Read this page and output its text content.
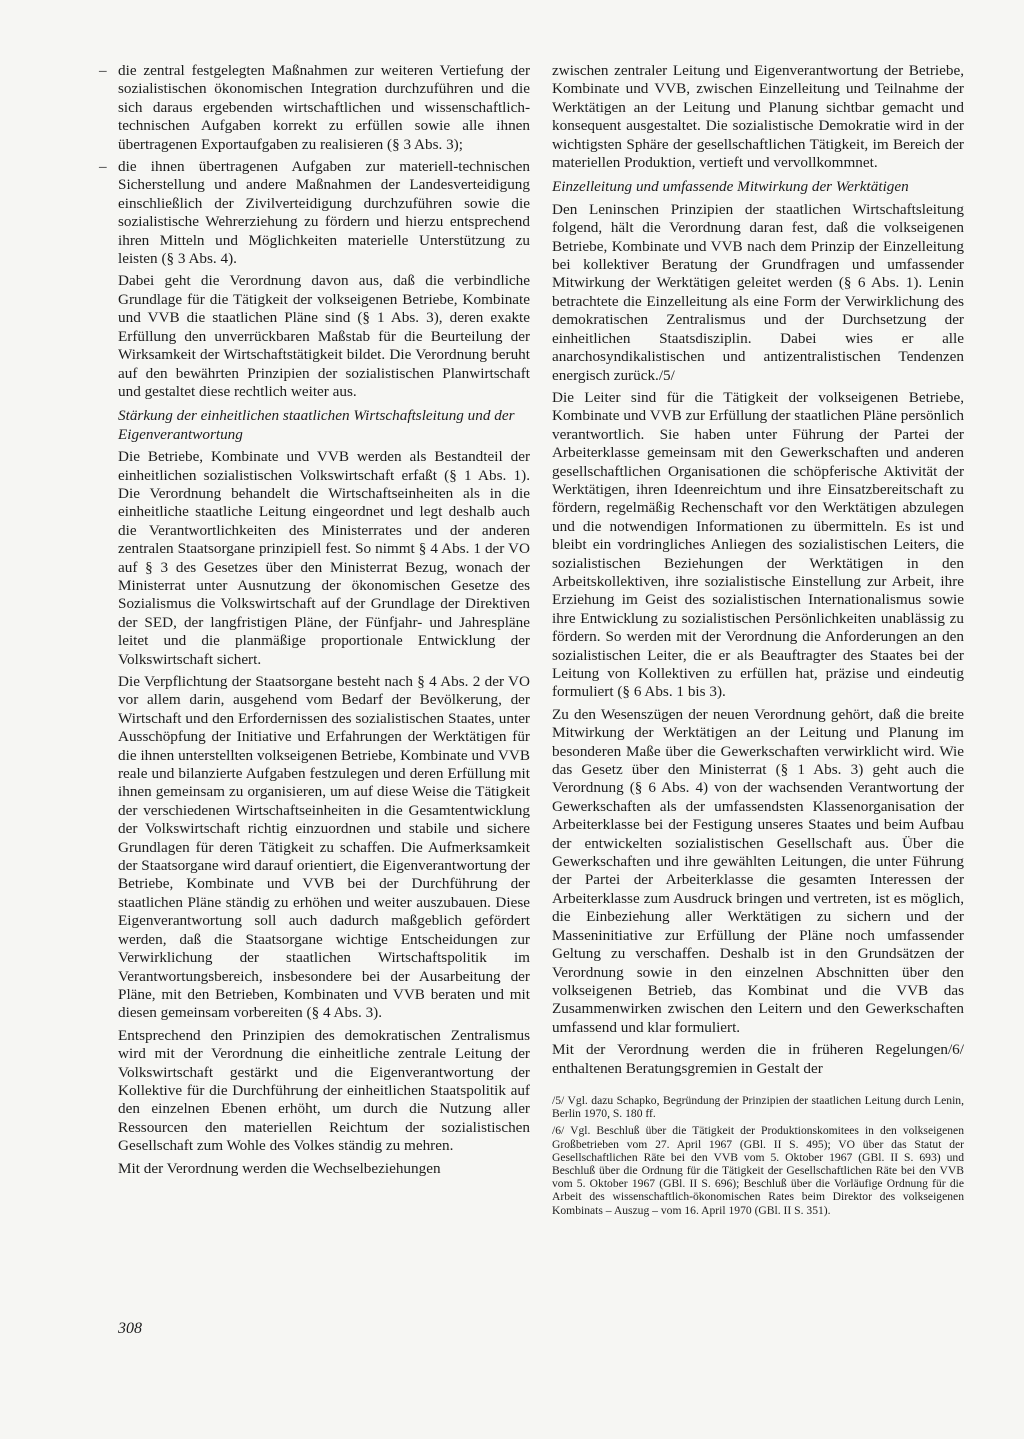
– die zentral festgelegten Maßnahmen zur weiteren Vertiefung der sozialistischen ökonomischen Integration durchzuführen und die sich daraus ergebenden wirtschaftlichen und wissenschaftlich-technischen Aufgaben korrekt zu erfüllen sowie alle ihnen übertragenen Exportaufgaben zu realisieren (§ 3 Abs. 3);
– die ihnen übertragenen Aufgaben zur materiell-technischen Sicherstellung und andere Maßnahmen der Landesverteidigung einschließlich der Zivilverteidigung durchzuführen sowie die sozialistische Wehrerziehung zu fördern und hierzu entsprechend ihren Mitteln und Möglichkeiten materielle Unterstützung zu leisten (§ 3 Abs. 4).

Dabei geht die Verordnung davon aus, daß die verbindliche Grundlage für die Tätigkeit der volkseigenen Betriebe, Kombinate und VVB die staatlichen Pläne sind (§ 1 Abs. 3), deren exakte Erfüllung den unverrückbaren Maßstab für die Beurteilung der Wirksamkeit der Wirtschaftstätigkeit bildet. Die Verordnung beruht auf den bewährten Prinzipien der sozialistischen Planwirtschaft und gestaltet diese rechtlich weiter aus.

Stärkung der einheitlichen staatlichen Wirtschaftsleitung und der Eigenverantwortung

Die Betriebe, Kombinate und VVB werden als Bestandteil der einheitlichen sozialistischen Volkswirtschaft erfaßt (§ 1 Abs. 1). Die Verordnung behandelt die Wirtschaftseinheiten als in die einheitliche staatliche Leitung eingeordnet und legt deshalb auch die Verantwortlichkeiten des Ministerrates und der anderen zentralen Staatsorgane prinzipiell fest. So nimmt § 4 Abs. 1 der VO auf § 3 des Gesetzes über den Ministerrat Bezug, wonach der Ministerrat unter Ausnutzung der ökonomischen Gesetze des Sozialismus die Volkswirtschaft auf der Grundlage der Direktiven der SED, der langfristigen Pläne, der Fünfjahr- und Jahrespläne leitet und die planmäßige proportionale Entwicklung der Volkswirtschaft sichert.

Die Verpflichtung der Staatsorgane besteht nach § 4 Abs. 2 der VO vor allem darin, ausgehend vom Bedarf der Bevölkerung, der Wirtschaft und den Erfordernissen des sozialistischen Staates, unter Ausschöpfung der Initiative und Erfahrungen der Werktätigen für die ihnen unterstellten volkseigenen Betriebe, Kombinate und VVB reale und bilanzierte Aufgaben festzulegen und deren Erfüllung mit ihnen gemeinsam zu organisieren, um auf diese Weise die Tätigkeit der verschiedenen Wirtschaftseinheiten in die Gesamtentwicklung der Volkswirtschaft richtig einzuordnen und stabile und sichere Grundlagen für deren Tätigkeit zu schaffen. Die Aufmerksamkeit der Staatsorgane wird darauf orientiert, die Eigenverantwortung der Betriebe, Kombinate und VVB bei der Durchführung der staatlichen Pläne ständig zu erhöhen und weiter auszubauen. Diese Eigenverantwortung soll auch dadurch maßgeblich gefördert werden, daß die Staatsorgane wichtige Entscheidungen zur Verwirklichung der staatlichen Wirtschaftspolitik im Verantwortungsbereich, insbesondere bei der Ausarbeitung der Pläne, mit den Betrieben, Kombinaten und VVB beraten und mit diesen gemeinsam vorbereiten (§ 4 Abs. 3).

Entsprechend den Prinzipien des demokratischen Zentralismus wird mit der Verordnung die einheitliche zentrale Leitung der Volkswirtschaft gestärkt und die Eigenverantwortung der Kollektive für die Durchführung der einheitlichen Staatspolitik auf den einzelnen Ebenen erhöht, um durch die Nutzung aller Ressourcen den materiellen Reichtum der sozialistischen Gesellschaft zum Wohle des Volkes ständig zu mehren.

Mit der Verordnung werden die Wechselbeziehungen

zwischen zentraler Leitung und Eigenverantwortung der Betriebe, Kombinate und VVB, zwischen Einzelleitung und Teilnahme der Werktätigen an der Leitung und Planung sichtbar gemacht und konsequent ausgestaltet. Die sozialistische Demokratie wird in der wichtigsten Sphäre der gesellschaftlichen Tätigkeit, im Bereich der materiellen Produktion, vertieft und vervollkommnet.

Einzelleitung und umfassende Mitwirkung der Werktätigen

Den Leninschen Prinzipien der staatlichen Wirtschaftsleitung folgend, hält die Verordnung daran fest, daß die volkseigenen Betriebe, Kombinate und VVB nach dem Prinzip der Einzelleitung bei kollektiver Beratung der Grundfragen und umfassender Mitwirkung der Werktätigen geleitet werden (§ 6 Abs. 1). Lenin betrachtete die Einzelleitung als eine Form der Verwirklichung des demokratischen Zentralismus und der Durchsetzung der einheitlichen Staatsdisziplin. Dabei wies er alle anarchosyndikalistischen und antizentralistischen Tendenzen energisch zurück./5/

Die Leiter sind für die Tätigkeit der volkseigenen Betriebe, Kombinate und VVB zur Erfüllung der staatlichen Pläne persönlich verantwortlich. Sie haben unter Führung der Partei der Arbeiterklasse gemeinsam mit den Gewerkschaften und anderen gesellschaftlichen Organisationen die schöpferische Aktivität der Werktätigen, ihren Ideenreichtum und ihre Einsatzbereitschaft zu fördern, regelmäßig Rechenschaft vor den Werktätigen abzulegen und die notwendigen Informationen zu übermitteln. Es ist und bleibt ein vordringliches Anliegen des sozialistischen Leiters, die sozialistischen Beziehungen der Werktätigen in den Arbeitskollektiven, ihre sozialistische Einstellung zur Arbeit, ihre Erziehung im Geist des sozialistischen Internationalismus sowie ihre Entwicklung zu sozialistischen Persönlichkeiten unablässig zu fördern. So werden mit der Verordnung die Anforderungen an den sozialistischen Leiter, die er als Beauftragter des Staates bei der Leitung von Kollektiven zu erfüllen hat, präzise und eindeutig formuliert (§ 6 Abs. 1 bis 3).

Zu den Wesenszügen der neuen Verordnung gehört, daß die breite Mitwirkung der Werktätigen an der Leitung und Planung im besonderen Maße über die Gewerkschaften verwirklicht wird. Wie das Gesetz über den Ministerrat (§ 1 Abs. 3) geht auch die Verordnung (§ 6 Abs. 4) von der wachsenden Verantwortung der Gewerkschaften als der umfassendsten Klassenorganisation der Arbeiterklasse bei der Festigung unseres Staates und beim Aufbau der entwickelten sozialistischen Gesellschaft aus. Über die Gewerkschaften und ihre gewählten Leitungen, die unter Führung der Partei der Arbeiterklasse die gesamten Interessen der Arbeiterklasse zum Ausdruck bringen und vertreten, ist es möglich, die Einbeziehung aller Werktätigen zu sichern und der Masseninitiative zur Erfüllung der Pläne noch umfassender Geltung zu verschaffen. Deshalb ist in den Grundsätzen der Verordnung sowie in den einzelnen Abschnitten über den volkseigenen Betrieb, das Kombinat und die VVB das Zusammenwirken zwischen den Leitern und den Gewerkschaften umfassend und klar formuliert.

Mit der Verordnung werden die in früheren Regelungen/6/ enthaltenen Beratungsgremien in Gestalt der

/5/ Vgl. dazu Schapko, Begründung der Prinzipien der staatlichen Leitung durch Lenin, Berlin 1970, S. 180 ff.

/6/ Vgl. Beschluß über die Tätigkeit der Produktionskomitees in den volkseigenen Großbetrieben vom 27. April 1967 (GBl. II S. 495); VO über das Statut der Gesellschaftlichen Räte bei den VVB vom 5. Oktober 1967 (GBl. II S. 693) und Beschluß über die Ordnung für die Tätigkeit der Gesellschaftlichen Räte bei den VVB vom 5. Oktober 1967 (GBl. II S. 696); Beschluß über die Vorläufige Ordnung für die Arbeit des wissenschaftlich-ökonomischen Rates beim Direktor des volkseigenen Kombinats – Auszug – vom 16. April 1970 (GBl. II S. 351).

308
